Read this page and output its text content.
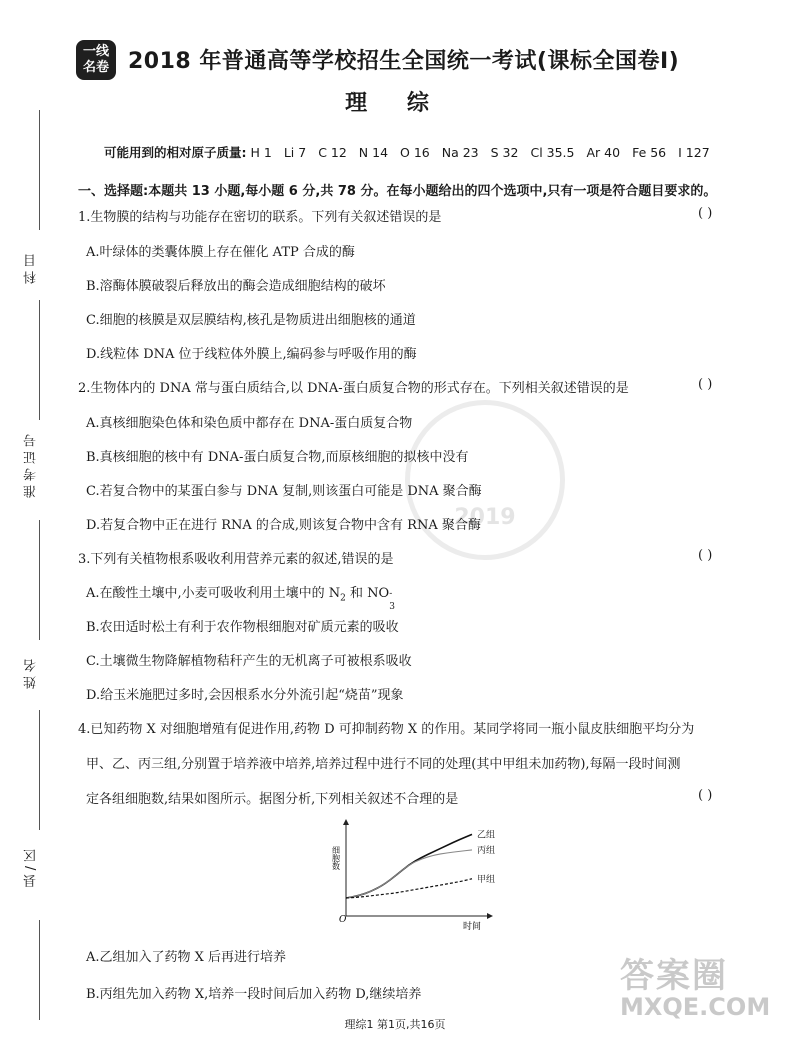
科目
准考证号
姓名
县/区
2019
一线
名卷 2018 年普通高等学校招生全国统一考试(课标全国卷Ⅰ)
理 综
可能用到的相对原子质量: H 1 Li 7 C 12 N 14 O 16 Na 23 S 32 Cl 35.5 Ar 40 Fe 56 I 127
一、选择题:本题共 13 小题,每小题 6 分,共 78 分。在每小题给出的四个选项中,只有一项是符合题目要求的。
1.生物膜的结构与功能存在密切的联系。下列有关叙述错误的是	( )
A.叶绿体的类囊体膜上存在催化 ATP 合成的酶
B.溶酶体膜破裂后释放出的酶会造成细胞结构的破坏
C.细胞的核膜是双层膜结构,核孔是物质进出细胞核的通道
D.线粒体 DNA 位于线粒体外膜上,编码参与呼吸作用的酶
2.生物体内的 DNA 常与蛋白质结合,以 DNA-蛋白质复合物的形式存在。下列相关叙述错误的是	( )
A.真核细胞染色体和染色质中都存在 DNA-蛋白质复合物
B.真核细胞的核中有 DNA-蛋白质复合物,而原核细胞的拟核中没有
C.若复合物中的某蛋白参与 DNA 复制,则该蛋白可能是 DNA 聚合酶
D.若复合物中正在进行 RNA 的合成,则该复合物中含有 RNA 聚合酶
3.下列有关植物根系吸收利用营养元素的叙述,错误的是	( )
A.在酸性土壤中,小麦可吸收利用土壤中的 $N_2$ 和 NO -
3
B.农田适时松土有利于农作物根细胞对矿质元素的吸收
C.土壤微生物降解植物秸秆产生的无机离子可被根系吸收
D.给玉米施肥过多时,会因根系水分外流引起“烧苗”现象
4.已知药物 X 对细胞增殖有促进作用,药物 D 可抑制药物 X 的作用。某同学将同一瓶小鼠皮肤细胞平均分为
甲、乙、丙三组,分别置于培养液中培养,培养过程中进行不同的处理(其中甲组未加药物),每隔一段时间测
定各组细胞数,结果如图所示。据图分析,下列相关叙述不合理的是	( )
O
细胞数
时间
乙组
丙组
甲组
A.乙组加入了药物 X 后再进行培养
B.丙组先加入药物 X,培养一段时间后加入药物 D,继续培养	答案圈
MXQE.COM
理综1 第1页,共16页
